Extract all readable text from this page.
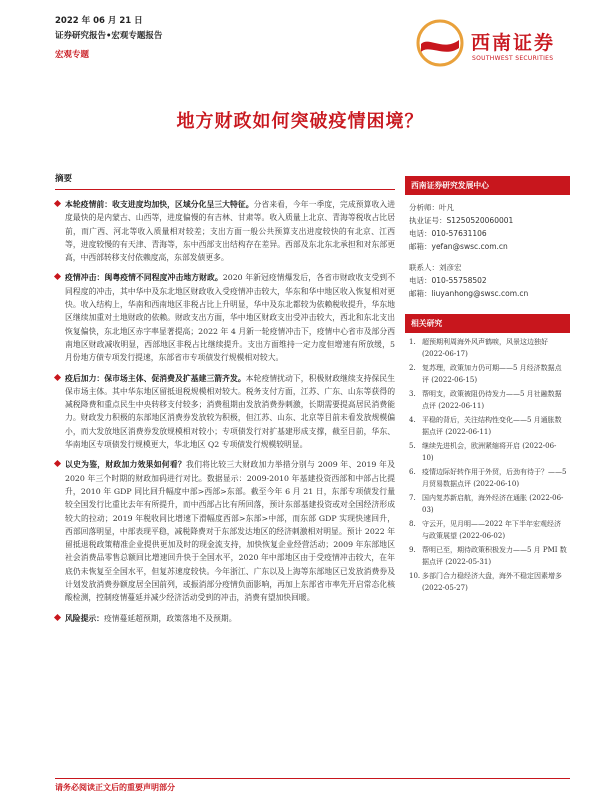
2022 年 06 月 21 日
证券研究报告•宏观专题报告
宏观专题
西南证券
SOUTHWEST SECURITIES
地方财政如何突破疫情困境？
摘要
本轮疫情前：收支进度均加快，区域分化呈三大特征。分省来看，今年一季度，完成预算收入进度最快的是内蒙古、山西等，进度偏慢的有吉林、甘肃等。收入质量上北京、青海等税收占比居前，而广西、河北等收入质量相对较差；支出方面一般公共预算支出进度较快的有北京、江西等，进度较慢的有天津、青海等，东中西部支出结构存在差异。西部及东北东北承担和对东部更高，中西部转移支付依赖度高，东部发债更多。
疫情冲击：闽粤疫情不同程度冲击地方财政。2020 年新冠疫情爆发后，各省市财政收支受到不同程度的冲击，其中华中及东北地区财政收入受疫情冲击较大，华东和华中地区收入恢复相对更快。收入结构上，华南和西南地区非税占比上升明显，华中及东北都较为依赖税收提升，华东地区继续加重对土地财政的依赖。财政支出方面，华中地区财政支出受冲击较大，西北和东北支出恢复偏快，东北地区赤字率显著提高；2022 年 4 月新一轮疫情冲击下，疫情中心省市及部分西南地区财政减收明显，西部地区非税占比继续提升。支出方面维持一定力度但增速有所放缓，5 月份地方债专项发行提速，东部省市专项债发行规模相对较大。
疫后加力：保市场主体、促消费及扩基建三箭齐发。本轮疫情扰动下，积极财政继续支持保民生保市场主体。其中华东地区留抵退税规模相对较大。税务支付方面，江苏、广东、山东等获得的减税降费和重点民生中央转移支付较多；消费租期由发放消费券刺激，长期需要提高居民消费能力。财政发力积极的东部地区消费券发放较为积极，但江苏、山东、北京等目前未看发放规模偏小，而大发放地区消费券发放规模相对较小；专项债发行对扩基建形成支撑，截至目前，华东、华南地区专项债发行规模更大，华北地区 Q2 专项债发行规模较明显。
以史为鉴，财政加力效果如何看？我们将比较三大财政加力举措分别与 2009 年、2019 年及 2020 年三个时期的财政加码进行对比。数据显示：2009-2010 年基建投资西部和中部占比提升，2010 年 GDP 同比回升幅度中部>西部>东部。截至今年 6 月 21 日，东部专项债发行量较全国发行比重比去年有所提升，而中西部占比有所回落，预计东部基建投资或对全国经济形成较大的拉动；2019 年税收同比增速下滑幅度西部>东部>中部，而东部 GDP 实现快速回升，西部回落明显，中部表现平稳，减税降费对于东部发达地区的经济刺激相对明显。预计 2022 年留抵退税政策精准企业提供更加及时的现金流支持，加快恢复企业经营活动；2009 年东部地区社会消费品零售总额回比增速回升快于全国水平，2020 年中部地区由于受疫情冲击较大，在年底仍未恢复至全国水平，但复苏速度较快。今年浙江、广东以及上海等东部地区已发放消费券及计划发放消费券额度居全国前列，或振消部分疫情负面影响，再加上东部省市率先开启常态化核酸检测，控制疫情蔓延并减少经济活动受到的冲击，消费有望加快回暖。
风险提示：疫情蔓延超预期，政策落地不及预期。
西南证券研究发展中心
分析师：叶凡
执业证号：S1250520060001
电话：010-57631106
邮箱：yefan@swsc.com.cn
联系人：刘彦宏
电话：010-55758502
邮箱：liuyanhong@swsc.com.cn
相关研究
1. 超预期利周海外风声鹤唳，风景这边独好 (2022-06-17)
2. 复苏理，政策加力仍可期——5 月经济数据点评 (2022-06-15)
3. 帮明支，政策被阻仍待发力——5 月社融数据点评 (2022-06-11)
4. 平稳的背后，关注结构性变化——5 月通胀数据点评 (2022-06-11)
5. 继续先进机会，欧洲紧缩将开启 (2022-06-10)
6. 疫情边际好转作用于外贸，后劲有待于？——5 月贸易数据点评 (2022-06-10)
7. 国内复苏新启航，海外经济在通胀 (2022-06-03)
8. 守云开，见月明——2022 年下半年宏观经济与政策展望 (2022-06-02)
9. 帮明已至，期待政策积极发力——5 月 PMI 数据点评 (2022-05-31)
10. 多部门合力稳经济大盘，海外不稳定因素增多 (2022-05-27)
请务必阅读正文后的重要声明部分
